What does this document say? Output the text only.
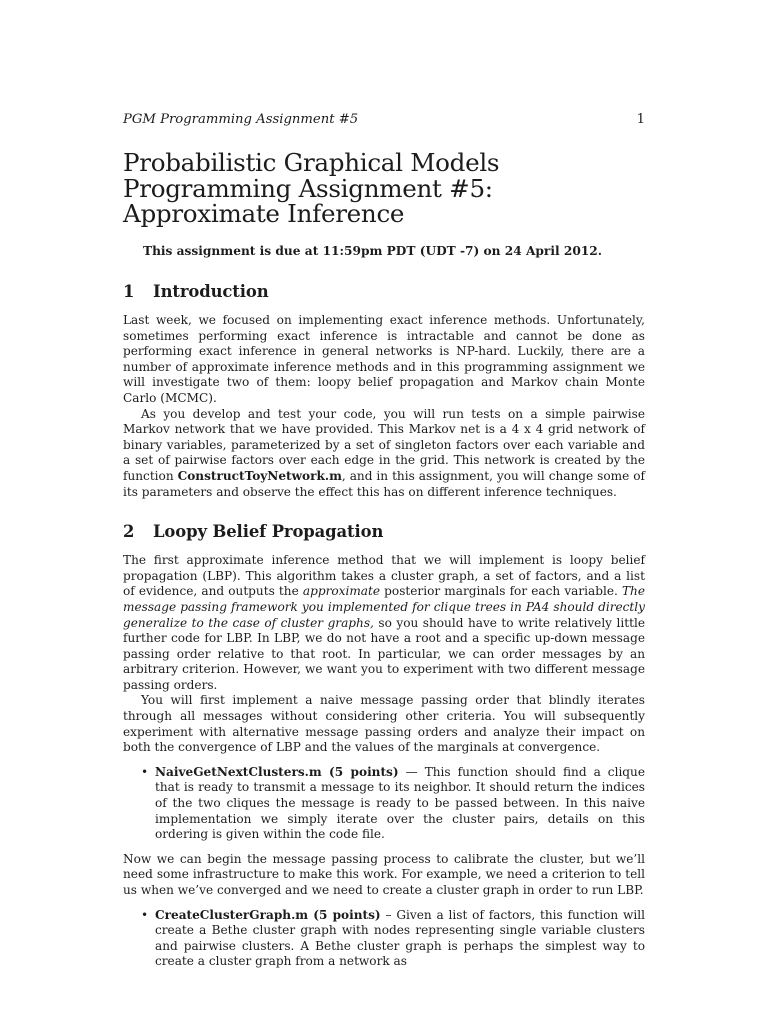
PGM Programming Assignment #5	1
Probabilistic Graphical Models
Programming Assignment #5:
Approximate Inference
This assignment is due at 11:59pm PDT (UDT -7) on 24 April 2012.
1 Introduction

Last week, we focused on implementing exact inference methods. Unfortunately, sometimes performing exact inference is intractable and cannot be done as performing exact inference in general networks is NP-hard. Luckily, there are a number of approximate inference methods and in this programming assignment we will investigate two of them: loopy belief propagation and Markov chain Monte Carlo (MCMC).

As you develop and test your code, you will run tests on a simple pairwise Markov network that we have provided. This Markov net is a 4 x 4 grid network of binary variables, parameterized by a set of singleton factors over each variable and a set of pairwise factors over each edge in the grid. This network is created by the function ConstructToyNetwork.m, and in this assignment, you will change some of its parameters and observe the effect this has on different inference techniques.

2 Loopy Belief Propagation

The first approximate inference method that we will implement is loopy belief propagation (LBP). This algorithm takes a cluster graph, a set of factors, and a list of evidence, and outputs the approximate posterior marginals for each variable. The message passing framework you implemented for clique trees in PA4 should directly generalize to the case of cluster graphs, so you should have to write relatively little further code for LBP. In LBP, we do not have a root and a specific up-down message passing order relative to that root. In particular, we can order messages by an arbitrary criterion. However, we want you to experiment with two different message passing orders.

You will first implement a naive message passing order that blindly iterates through all messages without considering other criteria. You will subsequently experiment with alternative message passing orders and analyze their impact on both the convergence of LBP and the values of the marginals at convergence.

• NaiveGetNextClusters.m (5 points) — This function should find a clique that is ready to transmit a message to its neighbor. It should return the indices of the two cliques the message is ready to be passed between. In this naive implementation we simply iterate over the cluster pairs, details on this ordering is given within the code file.

Now we can begin the message passing process to calibrate the cluster, but we’ll need some infrastructure to make this work. For example, we need a criterion to tell us when we’ve converged and we need to create a cluster graph in order to run LBP.

• CreateClusterGraph.m (5 points) – Given a list of factors, this function will create a Bethe cluster graph with nodes representing single variable clusters and pairwise clusters. A Bethe cluster graph is perhaps the simplest way to create a cluster graph from a network as
